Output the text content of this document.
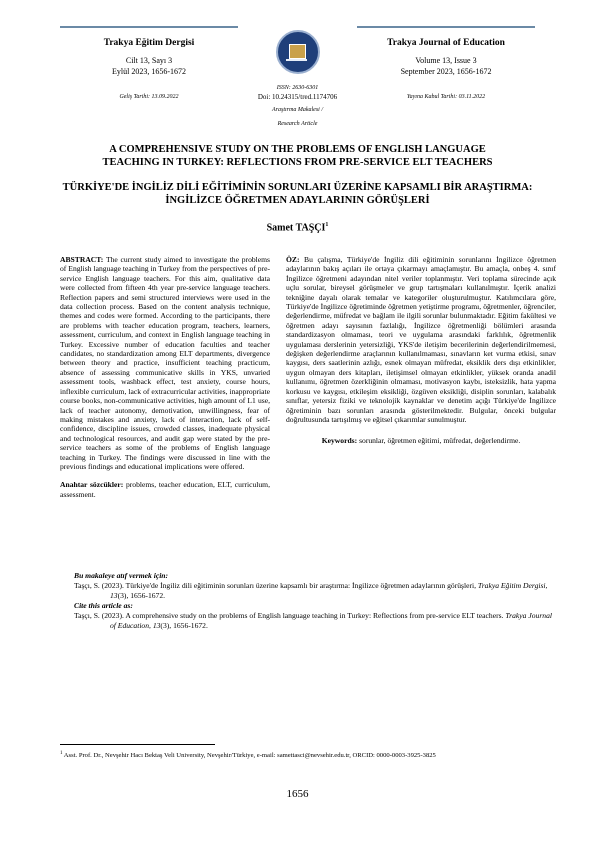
Trakya Eğitim Dergisi
Cilt 13, Sayı 3
Eylül 2023, 1656-1672
Geliş Tarihi: 13.09.2022
ISSN: 2630-6301
Doi: 10.24315/tred.1174706
Araştırma Makalesi /
Research Article
Trakya Journal of Education
Volume 13, Issue 3
September 2023, 1656-1672
Yayına Kabul Tarihi: 03.11.2022
A COMPREHENSIVE STUDY ON THE PROBLEMS OF ENGLISH LANGUAGE
TEACHING IN TURKEY: REFLECTIONS FROM PRE-SERVICE ELT TEACHERS
TÜRKİYE'DE İNGİLİZ DİLİ EĞİTİMİNİN SORUNLARI ÜZERİNE KAPSAMLI BİR ARAŞTIRMA:
İNGİLİZCE ÖĞRETMEN ADAYLARININ GÖRÜŞLERİ
Samet TAŞÇI$^1$

ABSTRACT: The current study aimed to investigate the problems of English language teaching in Turkey from the perspectives of pre-service English language teachers. For this aim, qualitative data were collected from fifteen 4th year pre-service language teachers. Reflection papers and semi structured interviews were used in the data collection process. Based on the content analysis technique, themes and codes were formed. According to the participants, there are problems with teacher education program, teachers, learners, assessment, curriculum, and context in English language teaching in Turkey. Excessive number of education faculties and teacher candidates, no standardization among ELT departments, divergence between theory and practice, insufficient teaching practicum, absence of assessing communicative skills in YKS, unvaried assessment tools, washback effect, test anxiety, course hours, inflexible curriculum, lack of extracurricular activities, inappropriate course books, non-communicative activities, high amount of L1 use, lack of teacher autonomy, demotivation, unwillingness, fear of making mistakes and anxiety, lack of interaction, lack of self-confidence, discipline issues, crowded classes, inadequate physical and technological resources, and audit gap were stated by the pre-service teachers as some of the problems of English language teaching in Turkey. The findings were discussed in line with the previous findings and educational implications were offered.

Anahtar sözcükler: problems, teacher education, ELT, curriculum, assessment.

ÖZ: Bu çalışma, Türkiye'de İngiliz dili eğitiminin sorunlarını İngilizce öğretmen adaylarının bakış açıları ile ortaya çıkarmayı amaçlamıştır. Bu amaçla, onbeş 4. sınıf İngilizce öğretmeni adayından nitel veriler toplanmıştır. Veri toplama sürecinde açık uçlu sorular, bireysel görüşmeler ve grup tartışmaları kullanılmıştır. İçerik analizi tekniğine dayalı olarak temalar ve kategoriler oluşturulmuştur. Katılımcılara göre, Türkiye'de İngilizce öğretiminde öğretmen yetiştirme programı, öğretmenler, öğrenciler, değerlendirme, müfredat ve bağlam ile ilgili sorunlar bulunmaktadır. Eğitim fakültesi ve öğretmen adayı sayısının fazlalığı, İngilizce öğretmenliği bölümleri arasında standardizasyon olmaması, teori ve uygulama arasındaki farklılık, öğretmenlik uygulaması derslerinin yetersizliği, YKS'de iletişim becerilerinin değerlendirilmemesi, değişken değerlendirme araçlarının kullanılmaması, sınavların ket vurma etkisi, sınav kaygısı, ders saatlerinin azlığı, esnek olmayan müfredat, eksiklik ders dışı etkinlikler, uygun olmayan ders kitapları, iletişimsel olmayan etkinlikler, yüksek oranda anadil kullanımı, öğretmen özerkliğinin olmaması, motivasyon kaybı, isteksizlik, hata yapma korkusu ve kaygısı, etkileşim eksikliği, özgüven eksikliği, disiplin sorunları, kalabalık sınıflar, yetersiz fiziki ve teknolojik kaynaklar ve denetim açığı Türkiye'de İngilizce öğretiminin bazı sorunları arasında gösterilmektedir. Bulgular, önceki bulgular doğrultusunda tartışılmış ve eğitsel çıkarımlar sunulmuştur.

Keywords: sorunlar, öğretmen eğitimi, müfredat, değerlendirme.

Bu makaleye atıf vermek için:
Taşçı, S. (2023). Türkiye'de İngiliz dili eğitiminin sorunları üzerine kapsamlı bir araştırma: İngilizce öğretmen adaylarının görüşleri, Trakya Eğitim Dergisi, 13(3), 1656-1672.
Cite this article as:
Taşçı, S. (2023). A comprehensive study on the problems of English language teaching in Turkey: Reflections from pre-service ELT teachers. Trakya Journal of Education, 13(3), 1656-1672.
$^1$ Asst. Prof. Dr., Nevşehir Hacı Bektaş Veli University, Nevşehir/Türkiye, e-mail: samettasci@nevsehir.edu.tr, ORCID: 0000-0003-3925-3825
1656
